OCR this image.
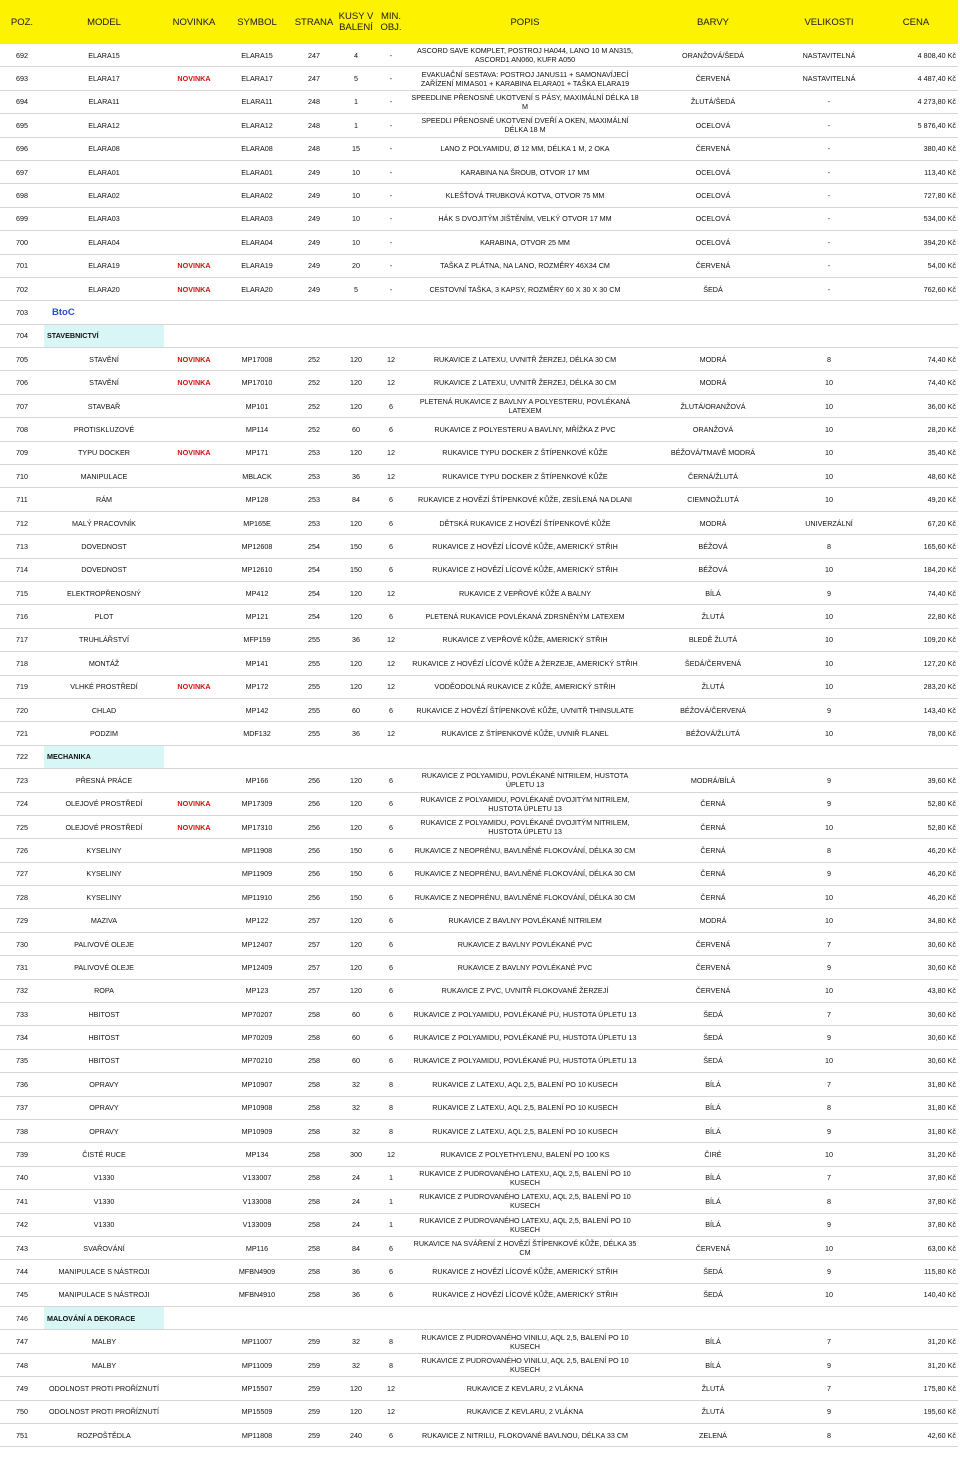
POZ.	MODEL	NOVINKA	SYMBOL	STRANA	KUSY V BALENÍ	MIN. OBJ.	POPIS	BARVY	VELIKOSTI	CENA
692	ELARA15		ELARA15	247	4	-	ASCORD SAVE KOMPLET, POSTROJ HA044, LANO 10 M AN315, ASCORD1 AN060, KUFR A050	ORANŽOVÁ/ŠEDÁ	NASTAVITELNÁ	4 808,40 Kč
693	ELARA17	NOVINKA	ELARA17	247	5	-	EVAKUAČNÍ SESTAVA: POSTROJ JANUS11 + SAMONAVÍJECÍ ZAŘÍZENÍ MIMAS01 + KARABINA ELARA01 + TAŠKA ELARA19	ČERVENÁ	NASTAVITELNÁ	4 487,40 Kč
694	ELARA11		ELARA11	248	1	-	SPEEDLINE PŘENOSNÉ UKOTVENÍ S PÁSY, MAXIMÁLNÍ DÉLKA 18 M	ŽLUTÁ/ŠEDÁ	-	4 273,80 Kč
695	ELARA12		ELARA12	248	1	-	SPEEDLI PŘENOSNÉ UKOTVENÍ DVEŘÍ A OKEN, MAXIMÁLNÍ DÉLKA 18 M	OCELOVÁ	-	5 876,40 Kč
696	ELARA08		ELARA08	248	15	-	LANO Z POLYAMIDU, Ø 12 MM, DÉLKA 1 M, 2 OKA	ČERVENÁ	-	380,40 Kč
697	ELARA01		ELARA01	249	10	-	KARABINA NA ŠROUB, OTVOR 17 MM	OCELOVÁ	-	113,40 Kč
698	ELARA02		ELARA02	249	10	-	KLEŠŤOVÁ TRUBKOVÁ KOTVA, OTVOR 75 MM	OCELOVÁ	-	727,80 Kč
699	ELARA03		ELARA03	249	10	-	HÁK S DVOJITÝM JIŠTĚNÍM, VELKÝ OTVOR 17 MM	OCELOVÁ	-	534,00 Kč
700	ELARA04		ELARA04	249	10	-	KARABINA, OTVOR 25 MM	OCELOVÁ	-	394,20 Kč
701	ELARA19	NOVINKA	ELARA19	249	20	-	TAŠKA Z PLÁTNA, NA LANO, ROZMĚRY 46X34 CM	ČERVENÁ	-	54,00 Kč
702	ELARA20	NOVINKA	ELARA20	249	5	-	CESTOVNÍ TAŠKA, 3 KAPSY, ROZMĚRY 60 X 30 X 30 CM	ŠEDÁ	-	762,60 Kč
703	BtoC									
704	STAVEBNICTVÍ									
705	STAVĚNÍ	NOVINKA	MP17008	252	120	12	RUKAVICE Z LATEXU, UVNITŘ ŽERZEJ, DÉLKA 30 CM	MODRÁ	8	74,40 Kč
706	STAVĚNÍ	NOVINKA	MP17010	252	120	12	RUKAVICE Z LATEXU, UVNITŘ ŽERZEJ, DÉLKA 30 CM	MODRÁ	10	74,40 Kč
707	STAVBAŘ		MP101	252	120	6	PLETENÁ RUKAVICE Z BAVLNY A POLYESTERU, POVLÉKANÁ LATEXEM	ŽLUTÁ/ORANŽOVÁ	10	36,00 Kč
708	PROTISKLUZOVÉ		MP114	252	60	6	RUKAVICE Z POLYESTERU A BAVLNY, MŘÍŽKA Z PVC	ORANŽOVÁ	10	28,20 Kč
709	TYPU DOCKER	NOVINKA	MP171	253	120	12	RUKAVICE TYPU DOCKER Z ŠTÍPENKOVÉ KŮŽE	BÉŽOVÁ/TMAVĚ MODRÁ	10	35,40 Kč
710	MANIPULACE		MBLACK	253	36	12	RUKAVICE TYPU DOCKER Z ŠTÍPENKOVÉ KŮŽE	ČERNÁ/ŽLUTÁ	10	48,60 Kč
711	RÁM		MP128	253	84	6	RUKAVICE Z HOVĚZÍ ŠTÍPENKOVÉ KŮŽE, ZESÍLENÁ NA DLANI	CIEMNOŽLUTÁ	10	49,20 Kč
712	MALÝ PRACOVNÍK		MP165E	253	120	6	DĚTSKÁ RUKAVICE Z HOVĚZÍ ŠTÍPENKOVÉ KŮŽE	MODRÁ	UNIVERZÁLNÍ	67,20 Kč
713	DOVEDNOST		MP12608	254	150	6	RUKAVICE Z HOVĚZÍ LÍCOVÉ KŮŽE, AMERICKÝ STŘIH	BÉŽOVÁ	8	165,60 Kč
714	DOVEDNOST		MP12610	254	150	6	RUKAVICE Z HOVĚZÍ LÍCOVÉ KŮŽE, AMERICKÝ STŘIH	BÉŽOVÁ	10	184,20 Kč
715	ELEKTROPŘENOSNÝ		MP412	254	120	12	RUKAVICE Z VEPŘOVÉ KŮŽE A BALNY	BÍLÁ	9	74,40 Kč
716	PLOT		MP121	254	120	6	PLETENÁ RUKAVICE POVLÉKANÁ ZDRSNĚNÝM LATEXEM	ŽLUTÁ	10	22,80 Kč
717	TRUHLÁŘSTVÍ		MFP159	255	36	12	RUKAVICE Z VEPŘOVÉ KŮŽE, AMERICKÝ STŘIH	BLEDĚ ŽLUTÁ	10	109,20 Kč
718	MONTÁŽ		MP141	255	120	12	RUKAVICE Z HOVĚZÍ LÍCOVÉ KŮŽE A ŽERZEJE, AMERICKÝ STŘIH	ŠEDÁ/ČERVENÁ	10	127,20 Kč
719	VLHKÉ PROSTŘEDÍ	NOVINKA	MP172	255	120	12	VODĚODOLNÁ RUKAVICE Z KŮŽE, AMERICKÝ STŘIH	ŽLUTÁ	10	283,20 Kč
720	CHLAD		MP142	255	60	6	RUKAVICE Z HOVĚZÍ ŠTÍPENKOVÉ KŮŽE, UVNITŘ THINSULATE	BÉŽOVÁ/ČERVENÁ	9	143,40 Kč
721	PODZIM		MDF132	255	36	12	RUKAVICE Z ŠTÍPENKOVÉ KŮŽE, UVNIŘ FLANEL	BÉŽOVÁ/ŽLUTÁ	10	78,00 Kč
722	MECHANIKA									
723	PŘESNÁ PRÁCE		MP166	256	120	6	RUKAVICE Z POLYAMIDU, POVLÉKANÉ NITRILEM, HUSTOTA ÚPLETU 13	MODRÁ/BÍLÁ	9	39,60 Kč
724	OLEJOVÉ PROSTŘEDÍ	NOVINKA	MP17309	256	120	6	RUKAVICE Z POLYAMIDU, POVLÉKANÉ DVOJITÝM NITRILEM, HUSTOTA ÚPLETU 13	ČERNÁ	9	52,80 Kč
725	OLEJOVÉ PROSTŘEDÍ	NOVINKA	MP17310	256	120	6	RUKAVICE Z POLYAMIDU, POVLÉKANÉ DVOJITÝM NITRILEM, HUSTOTA ÚPLETU 13	ČERNÁ	10	52,80 Kč
726	KYSELINY		MP11908	256	150	6	RUKAVICE Z NEOPRÉNU, BAVLNĚNÉ FLOKOVÁNÍ, DÉLKA 30 CM	ČERNÁ	8	46,20 Kč
727	KYSELINY		MP11909	256	150	6	RUKAVICE Z NEOPRÉNU, BAVLNĚNÉ FLOKOVÁNÍ, DÉLKA 30 CM	ČERNÁ	9	46,20 Kč
728	KYSELINY		MP11910	256	150	6	RUKAVICE Z NEOPRÉNU, BAVLNĚNÉ FLOKOVÁNÍ, DÉLKA 30 CM	ČERNÁ	10	46,20 Kč
729	MAZIVA		MP122	257	120	6	RUKAVICE Z BAVLNY POVLÉKANÉ NITRILEM	MODRÁ	10	34,80 Kč
730	PALIVOVÉ OLEJE		MP12407	257	120	6	RUKAVICE Z BAVLNY POVLÉKANÉ PVC	ČERVENÁ	7	30,60 Kč
731	PALIVOVÉ OLEJE		MP12409	257	120	6	RUKAVICE Z BAVLNY POVLÉKANÉ PVC	ČERVENÁ	9	30,60 Kč
732	ROPA		MP123	257	120	6	RUKAVICE Z PVC, UVNITŘ FLOKOVANÉ ŽERZEJÍ	ČERVENÁ	10	43,80 Kč
733	HBITOST		MP70207	258	60	6	RUKAVICE Z POLYAMIDU, POVLÉKANÉ PU, HUSTOTA ÚPLETU 13	ŠEDÁ	7	30,60 Kč
734	HBITOST		MP70209	258	60	6	RUKAVICE Z POLYAMIDU, POVLÉKANÉ PU, HUSTOTA ÚPLETU 13	ŠEDÁ	9	30,60 Kč
735	HBITOST		MP70210	258	60	6	RUKAVICE Z POLYAMIDU, POVLÉKANÉ PU, HUSTOTA ÚPLETU 13	ŠEDÁ	10	30,60 Kč
736	OPRAVY		MP10907	258	32	8	RUKAVICE Z LATEXU, AQL 2,5, BALENÍ PO 10 KUSECH	BÍLÁ	7	31,80 Kč
737	OPRAVY		MP10908	258	32	8	RUKAVICE Z LATEXU, AQL 2,5, BALENÍ PO 10 KUSECH	BÍLÁ	8	31,80 Kč
738	OPRAVY		MP10909	258	32	8	RUKAVICE Z LATEXU, AQL 2,5, BALENÍ PO 10 KUSECH	BÍLÁ	9	31,80 Kč
739	ČISTÉ RUCE		MP134	258	300	12	RUKAVICE Z POLYETHYLENU, BALENÍ PO 100 KS	ČIRÉ	10	31,20 Kč
740	V1330		V133007	258	24	1	RUKAVICE Z PUDROVANÉHO LATEXU, AQL 2,5, BALENÍ PO 10 KUSECH	BÍLÁ	7	37,80 Kč
741	V1330		V133008	258	24	1	RUKAVICE Z PUDROVANÉHO LATEXU, AQL 2,5, BALENÍ PO 10 KUSECH	BÍLÁ	8	37,80 Kč
742	V1330		V133009	258	24	1	RUKAVICE Z PUDROVANÉHO LATEXU, AQL 2,5, BALENÍ PO 10 KUSECH	BÍLÁ	9	37,80 Kč
743	SVAŘOVÁNÍ		MP116	258	84	6	RUKAVICE NA SVÁŘENÍ Z HOVĚZÍ ŠTÍPENKOVÉ KŮŽE, DÉLKA 35 CM	ČERVENÁ	10	63,00 Kč
744	MANIPULACE S NÁSTROJI		MFBN4909	258	36	6	RUKAVICE Z HOVĚZÍ LÍCOVÉ KŮŽE, AMERICKÝ STŘIH	ŠEDÁ	9	115,80 Kč
745	MANIPULACE S NÁSTROJI		MFBN4910	258	36	6	RUKAVICE Z HOVĚZÍ LÍCOVÉ KŮŽE, AMERICKÝ STŘIH	ŠEDÁ	10	140,40 Kč
746	MALOVÁNÍ A DEKORACE									
747	MALBY		MP11007	259	32	8	RUKAVICE Z PUDROVANÉHO VINILU, AQL 2,5, BALENÍ PO 10 KUSECH	BÍLÁ	7	31,20 Kč
748	MALBY		MP11009	259	32	8	RUKAVICE Z PUDROVANÉHO VINILU, AQL 2,5, BALENÍ PO 10 KUSECH	BÍLÁ	9	31,20 Kč
749	ODOLNOST PROTI PROŘÍZNUTÍ		MP15507	259	120	12	RUKAVICE Z KEVLARU, 2 VLÁKNA	ŽLUTÁ	7	175,80 Kč
750	ODOLNOST PROTI PROŘÍZNUTÍ		MP15509	259	120	12	RUKAVICE Z KEVLARU, 2 VLÁKNA	ŽLUTÁ	9	195,60 Kč
751	ROZPOŠTĚDLA		MP11808	259	240	6	RUKAVICE Z NITRILU, FLOKOVANÉ BAVLNOU, DÉLKA 33 CM	ZELENÁ	8	42,60 Kč
